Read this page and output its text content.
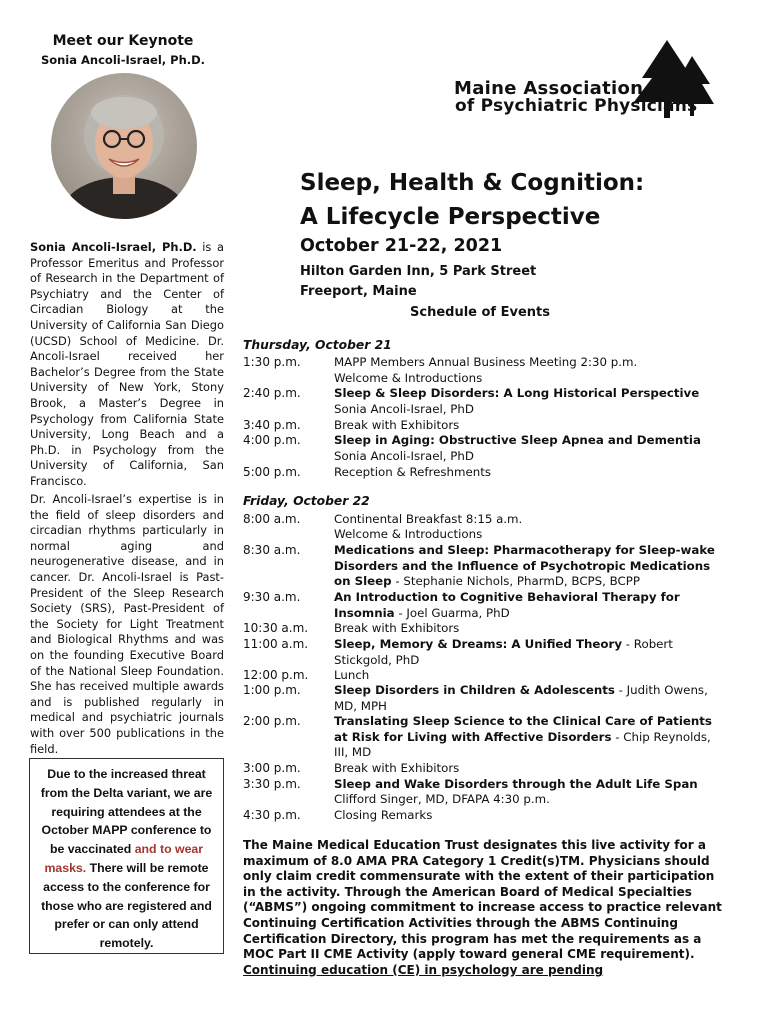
Meet our Keynote
Sonia Ancoli-Israel, Ph.D.
Sonia Ancoli-Israel, Ph.D. is a Professor Emeritus and Professor of Research in the Department of Psychiatry and the Center of Circadian Biology at the University of California San Diego (UCSD) School of Medicine. Dr. Ancoli-Israel received her Bachelor’s Degree from the State University of New York, Stony Brook, a Master’s Degree in Psychology from California State University, Long Beach and a Ph.D. in Psychology from the University of California, San Francisco.
Dr. Ancoli-Israel’s expertise is in the field of sleep disorders and circadian rhythms particularly in normal aging and neurogenerative disease, and in cancer. Dr. Ancoli-Israel is Past-President of the Sleep Research Society (SRS), Past-President of the Society for Light Treatment and Biological Rhythms and was on the founding Executive Board of the National Sleep Foundation. She has received multiple awards and is published regularly in medical and psychiatric journals with over 500 publications in the field.
Due to the increased threat from the Delta variant, we are requiring attendees at the October MAPP conference to be vaccinated and to wear masks. There will be remote access to the conference for those who are registered and prefer or can only attend remotely.
Maine Association
of Psychiatric Physicians
Sleep, Health & Cognition:
A Lifecycle Perspective
October 21-22, 2021
Hilton Garden Inn, 5 Park Street
Freeport, Maine
Schedule of Events
Thursday, October 21
1:30 p.m.	MAPP Members Annual Business Meeting 2:30 p.m.
Welcome & Introductions
2:40 p.m.	Sleep & Sleep Disorders: A Long Historical Perspective
Sonia Ancoli-Israel, PhD
3:40 p.m.	Break with Exhibitors
4:00 p.m.	Sleep in Aging: Obstructive Sleep Apnea and Dementia
Sonia Ancoli-Israel, PhD
5:00 p.m.	Reception & Refreshments
Friday, October 22
8:00 a.m.	Continental Breakfast 8:15 a.m.
Welcome & Introductions
8:30 a.m.	Medications and Sleep: Pharmacotherapy for Sleep-wake Disorders and the Influence of Psychotropic Medications on Sleep - Stephanie Nichols, PharmD, BCPS, BCPP
9:30 a.m.	An Introduction to Cognitive Behavioral Therapy for Insomnia - Joel Guarma, PhD
10:30 a.m. Break with Exhibitors
11:00 a.m. Sleep, Memory & Dreams: A Unified Theory - Robert Stickgold, PhD
12:00 p.m. Lunch
1:00 p.m.	Sleep Disorders in Children & Adolescents - Judith Owens, MD, MPH
2:00 p.m.	Translating Sleep Science to the Clinical Care of Patients at Risk for Living with Affective Disorders - Chip Reynolds, III, MD
3:00 p.m.	Break with Exhibitors
3:30 p.m.	Sleep and Wake Disorders through the Adult Life Span
Clifford Singer, MD, DFAPA 4:30 p.m.
4:30 p.m.	Closing Remarks
The Maine Medical Education Trust designates this live activity for a maximum of 8.0 AMA PRA Category 1 Credit(s)TM. Physicians should only claim credit commensurate with the extent of their participation in the activity. Through the American Board of Medical Specialties (“ABMS”) ongoing commitment to increase access to practice relevant Continuing Certification Activities through the ABMS Continuing Certification Directory, this program has met the requirements as a MOC Part II CME Activity (apply toward general CME requirement).  Continuing education (CE) in psychology are pending
